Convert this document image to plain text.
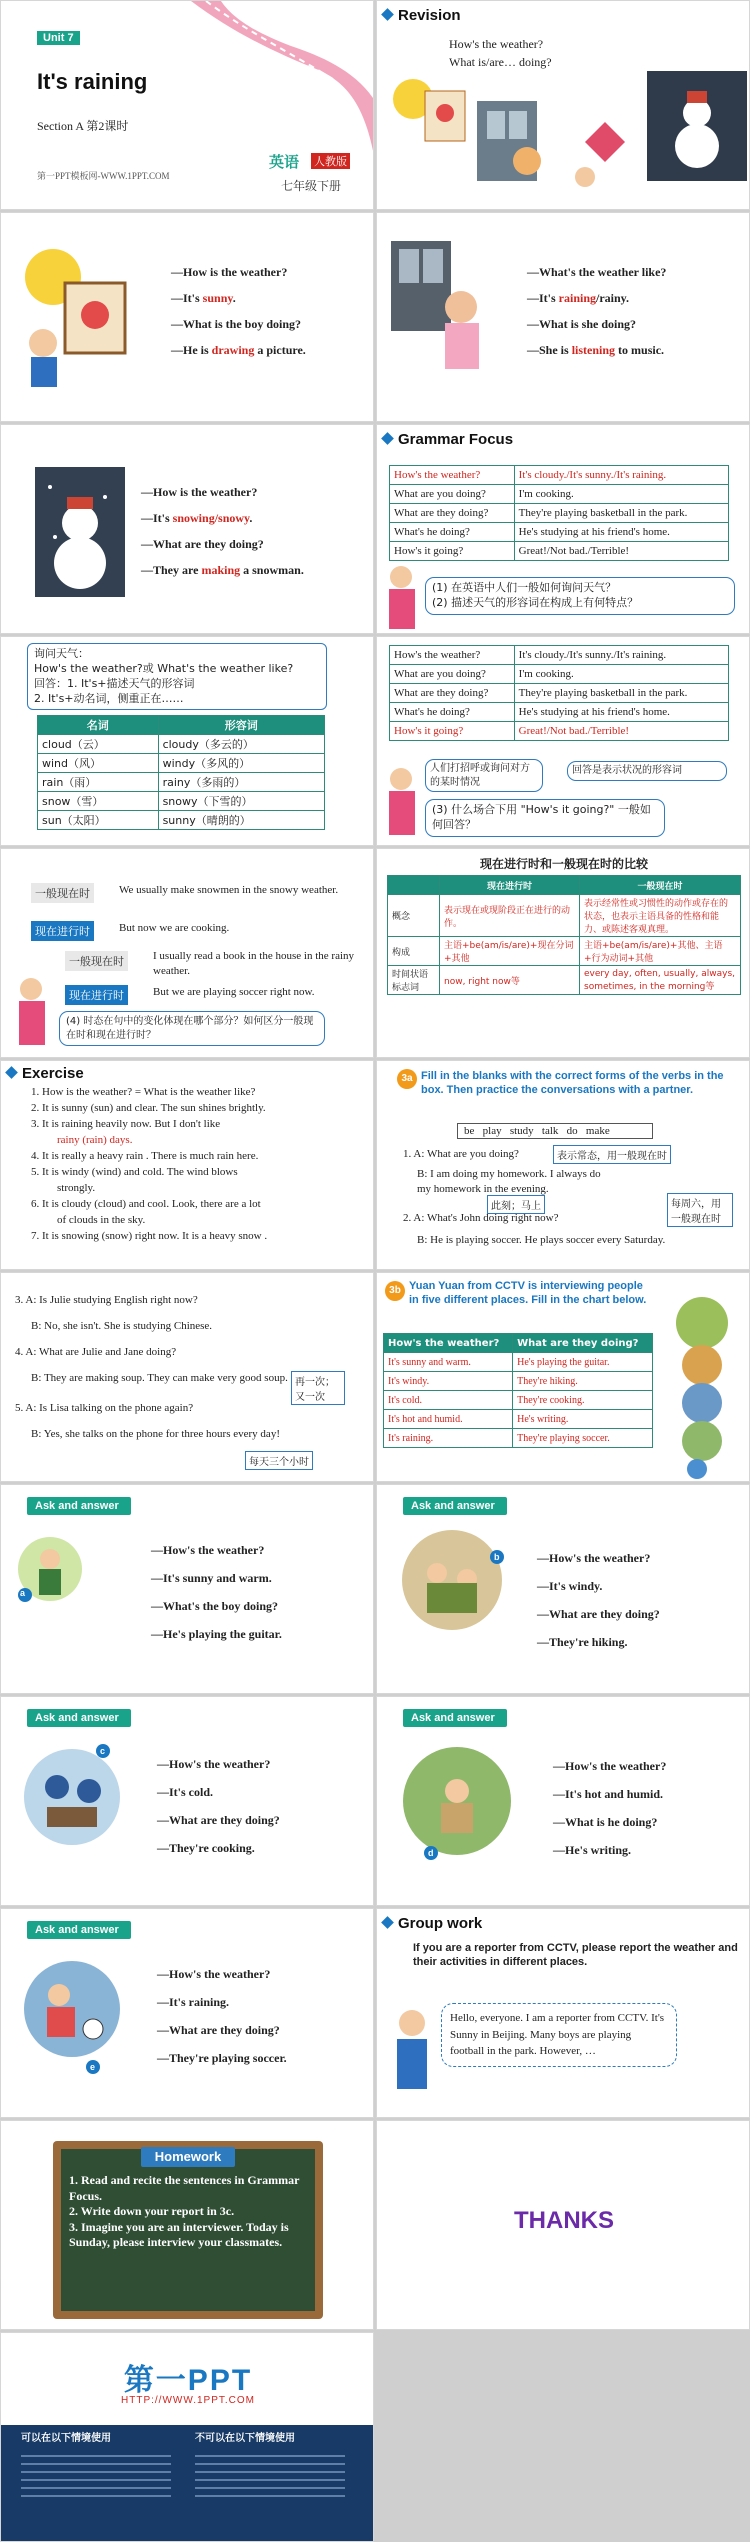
Unit 7
It's raining
Section A 第2课时
第一PPT模板网-WWW.1PPT.COM
英语 人教版
七年级下册
Revision
How's the weather?
What is/are… doing?
—How is the weather?
—It's sunny.
—What is the boy doing?
—He is drawing a picture.
—What's the weather like?
—It's raining/rainy.
—What is she doing?
—She is listening to music.
—How is the weather?
—It's snowing/snowy.
—What are they doing?
—They are making a snowman.
Grammar Focus
How's the weather?	It's cloudy./It's sunny./It's raining.
What are you doing?	I'm cooking.
What are they doing?	They're playing basketball in the park.
What's he doing?	He's studying at his friend's home.
How's it going?	Great!/Not bad./Terrible!
(1) 在英语中人们一般如何询问天气？
(2) 描述天气的形容词在构成上有何特点？
询问天气：
How's the weather?或 What's the weather like?
回答：1. It's+描述天气的形容词
2. It's+动名词，侧重正在……
名词	形容词
cloud（云）	cloudy（多云的）
wind（风）	windy（多风的）
rain（雨）	rainy（多雨的）
snow（雪）	snowy（下雪的）
sun（太阳）	sunny（晴朗的）
How's the weather?	It's cloudy./It's sunny./It's raining.
What are you doing?	I'm cooking.
What are they doing?	They're playing basketball in the park.
What's he doing?	He's studying at his friend's home.
How's it going?	Great!/Not bad./Terrible!
人们打招呼或询问对方的某时情况
回答是表示状况的形容词
(3) 什么场合下用 "How's it going?" 一般如何回答？
一般现在时	We usually make snowmen in the snowy weather.
现在进行时	But now we are cooking.
一般现在时	I usually read a book in the house in the rainy weather.
现在进行时	But we are playing soccer right now.
(4) 时态在句中的变化体现在哪个部分？如何区分一般现在时和现在进行时？
现在进行时和一般现在时的比较
	现在进行时	一般现在时
概念	表示现在或现阶段正在进行的动作。	表示经常性或习惯性的动作或存在的状态，也表示主语具备的性格和能力、或陈述客观真理。
构成	主语+be(am/is/are)+现在分词+其他	主语+be(am/is/are)+其他、主语+行为动词+其他
时间状语标志词	now, right now等	every day, often, usually, always, sometimes, in the morning等
Exercise
1. How is the weather? = What is the weather like?
2. It is sunny (sun) and clear. The sun shines brightly.
3. It is raining heavily now. But I don't like
rainy (rain) days.
4. It is really a heavy rain . There is much rain here.
5. It is windy (wind) and cold. The wind blows
strongly.
6. It is cloudy (cloud) and cool. Look, there are a lot
of clouds in the sky.
7. It is snowing (snow) right now. It is a heavy snow .
3a Fill in the blanks with the correct forms of the verbs in the box. Then practice the conversations with a partner.
be   play   study   talk   do   make
1. A: What are you doing?	表示常态，用一般现在时
B: I am doing my homework. I always do my homework in the evening.
此刻；马上
2. A: What's John doing right now?
每周六，用一般现在时
B: He is playing soccer. He plays soccer every Saturday.
3. A: Is Julie studying English right now?
B: No, she isn't. She is studying Chinese.
4. A: What are Julie and Jane doing?
B: They are making soup. They can make very good soup. 再一次；又一次
5. A: Is Lisa talking on the phone again?
B: Yes, she talks on the phone for three hours every day!
每天三个小时
3b Yuan Yuan from CCTV is interviewing people in five different places. Fill in the chart below.
How's the weather?	What are they doing?
It's sunny and warm.	He's playing the guitar.
It's windy.	They're hiking.
It's cold.	They're cooking.
It's hot and humid.	He's writing.
It's raining.	They're playing soccer.
Ask and answer
a
—How's the weather?
—It's sunny and warm.
—What's the boy doing?
—He's playing the guitar.
Ask and answer
b	—How's the weather?
—It's windy.
—What are they doing?
—They're hiking.
Ask and answer
c
—How's the weather?
—It's cold.
—What are they doing?
—They're cooking.
Ask and answer
d
—How's the weather?
—It's hot and humid.
—What is he doing?
—He's writing.
Ask and answer
e
—How's the weather?
—It's raining.
—What are they doing?
—They're playing soccer.
Group work
If you are a reporter from CCTV, please report the weather and their activities in different places.
Hello, everyone. I am a reporter from CCTV. It's Sunny in Beijing. Many boys are playing football in the park. However, …
Homework
1. Read and recite the sentences in Grammar Focus.
2. Write down your report in 3c.
3. Imagine you are an interviewer. Today is Sunday, please interview your classmates.
THANKS
第一PPT
HTTP://WWW.1PPT.COM
可以在以下情境使用	不可以在以下情境使用
